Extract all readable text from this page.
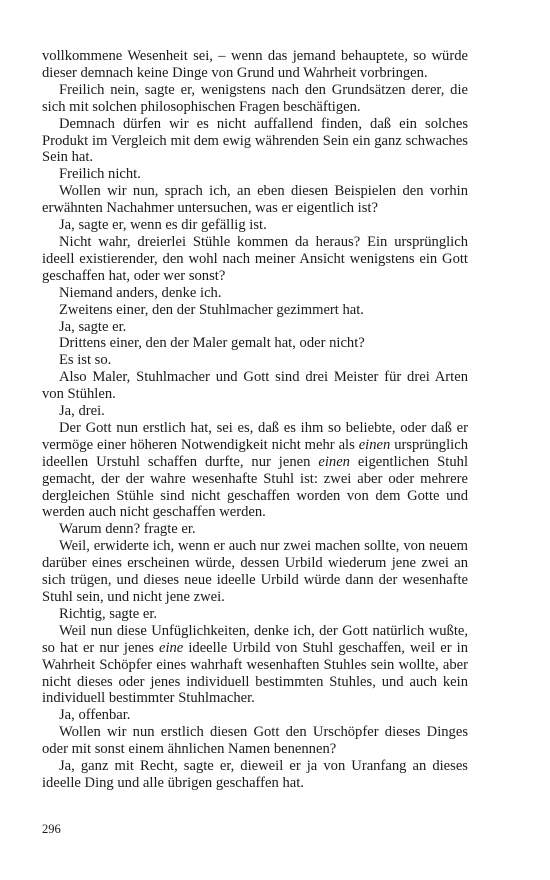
vollkommene Wesenheit sei, – wenn das jemand behauptete, so würde dieser demnach keine Dinge von Grund und Wahrheit vorbringen.

Freilich nein, sagte er, wenigstens nach den Grundsätzen derer, die sich mit solchen philosophischen Fragen beschäftigen.

Demnach dürfen wir es nicht auffallend finden, daß ein solches Produkt im Vergleich mit dem ewig währenden Sein ein ganz schwaches Sein hat.

Freilich nicht.

Wollen wir nun, sprach ich, an eben diesen Beispielen den vorhin erwähnten Nachahmer untersuchen, was er eigentlich ist?

Ja, sagte er, wenn es dir gefällig ist.

Nicht wahr, dreierlei Stühle kommen da heraus? Ein ursprünglich ideell existierender, den wohl nach meiner Ansicht wenigstens ein Gott geschaffen hat, oder wer sonst?

Niemand anders, denke ich.

Zweitens einer, den der Stuhlmacher gezimmert hat.

Ja, sagte er.

Drittens einer, den der Maler gemalt hat, oder nicht?

Es ist so.

Also Maler, Stuhlmacher und Gott sind drei Meister für drei Arten von Stühlen.

Ja, drei.

Der Gott nun erstlich hat, sei es, daß es ihm so beliebte, oder daß er vermöge einer höheren Notwendigkeit nicht mehr als einen ursprünglich ideellen Urstuhl schaffen durfte, nur jenen einen eigentlichen Stuhl gemacht, der der wahre wesenhafte Stuhl ist: zwei aber oder mehrere dergleichen Stühle sind nicht geschaffen worden von dem Gotte und werden auch nicht geschaffen werden.

Warum denn? fragte er.

Weil, erwiderte ich, wenn er auch nur zwei machen sollte, von neuem darüber eines erscheinen würde, dessen Urbild wiederum jene zwei an sich trügen, und dieses neue ideelle Urbild würde dann der wesenhafte Stuhl sein, und nicht jene zwei.

Richtig, sagte er.

Weil nun diese Unfüglichkeiten, denke ich, der Gott natürlich wußte, so hat er nur jenes eine ideelle Urbild von Stuhl geschaffen, weil er in Wahrheit Schöpfer eines wahrhaft wesenhaften Stuhles sein wollte, aber nicht dieses oder jenes individuell bestimmten Stuhles, und auch kein individuell bestimmter Stuhlmacher.

Ja, offenbar.

Wollen wir nun erstlich diesen Gott den Urschöpfer dieses Dinges oder mit sonst einem ähnlichen Namen benennen?

Ja, ganz mit Recht, sagte er, dieweil er ja von Uranfang an dieses ideelle Ding und alle übrigen geschaffen hat.

296
